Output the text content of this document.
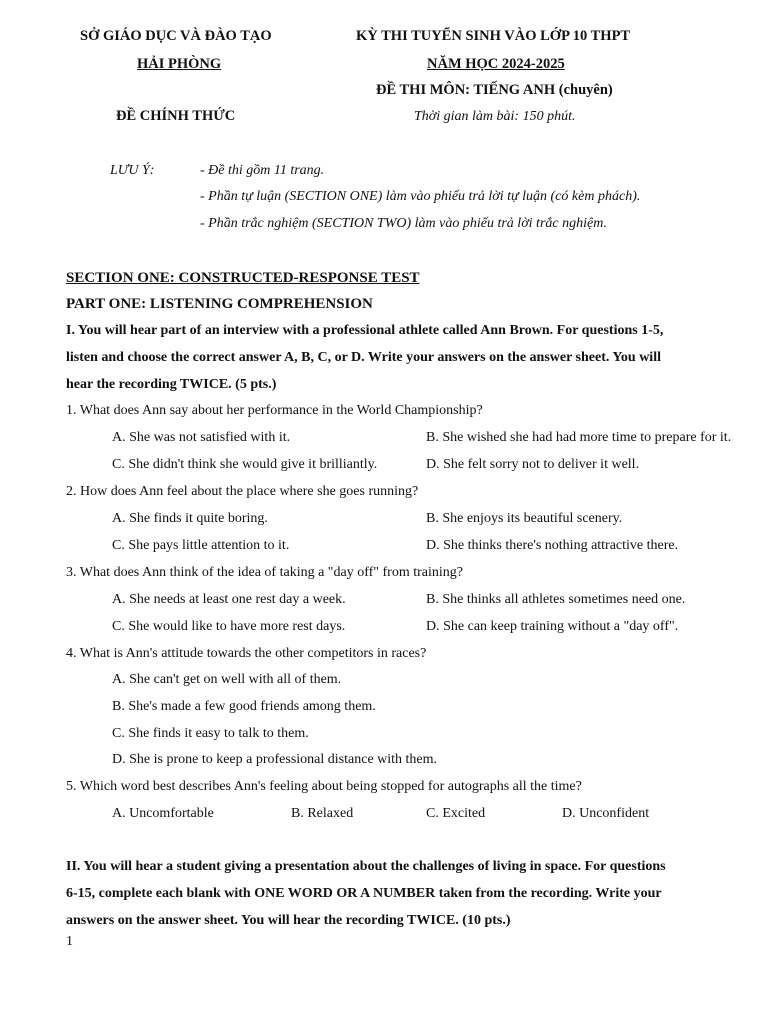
SỞ GIÁO DỤC VÀ ĐÀO TẠO
HẢI PHÒNG
ĐỀ CHÍNH THỨC
KỲ THI TUYỂN SINH VÀO LỚP 10 THPT
NĂM HỌC 2024-2025
ĐỀ THI MÔN: TIẾNG ANH (chuyên)
Thời gian làm bài: 150 phút.
LƯU Ý:	- Đề thi gồm 11 trang.
- Phần tự luận (SECTION ONE) làm vào phiếu trả lời tự luận (có kèm phách).
- Phần trắc nghiệm (SECTION TWO) làm vào phiếu trả lời trắc nghiệm.
SECTION ONE: CONSTRUCTED-RESPONSE TEST
PART ONE: LISTENING COMPREHENSION
I. You will hear part of an interview with a professional athlete called Ann Brown. For questions 1-5,
listen and choose the correct answer A, B, C, or D. Write your answers on the answer sheet. You will
hear the recording TWICE. (5 pts.)
1. What does Ann say about her performance in the World Championship?
A. She was not satisfied with it.	B. She wished she had had more time to prepare for it.
C. She didn't think she would give it brilliantly.	D. She felt sorry not to deliver it well.
2. How does Ann feel about the place where she goes running?
A. She finds it quite boring.	B. She enjoys its beautiful scenery.
C. She pays little attention to it.	D. She thinks there's nothing attractive there.
3. What does Ann think of the idea of taking a "day off" from training?
A. She needs at least one rest day a week.	B. She thinks all athletes sometimes need one.
C. She would like to have more rest days.	D. She can keep training without a "day off".
4. What is Ann's attitude towards the other competitors in races?
A. She can't get on well with all of them.
B. She's made a few good friends among them.
C. She finds it easy to talk to them.
D. She is prone to keep a professional distance with them.
5. Which word best describes Ann's feeling about being stopped for autographs all the time?
A. Uncomfortable	B. Relaxed	C. Excited	D. Unconfident
II. You will hear a student giving a presentation about the challenges of living in space. For questions
6-15, complete each blank with ONE WORD OR A NUMBER taken from the recording. Write your
answers on the answer sheet. You will hear the recording TWICE. (10 pts.)
1
